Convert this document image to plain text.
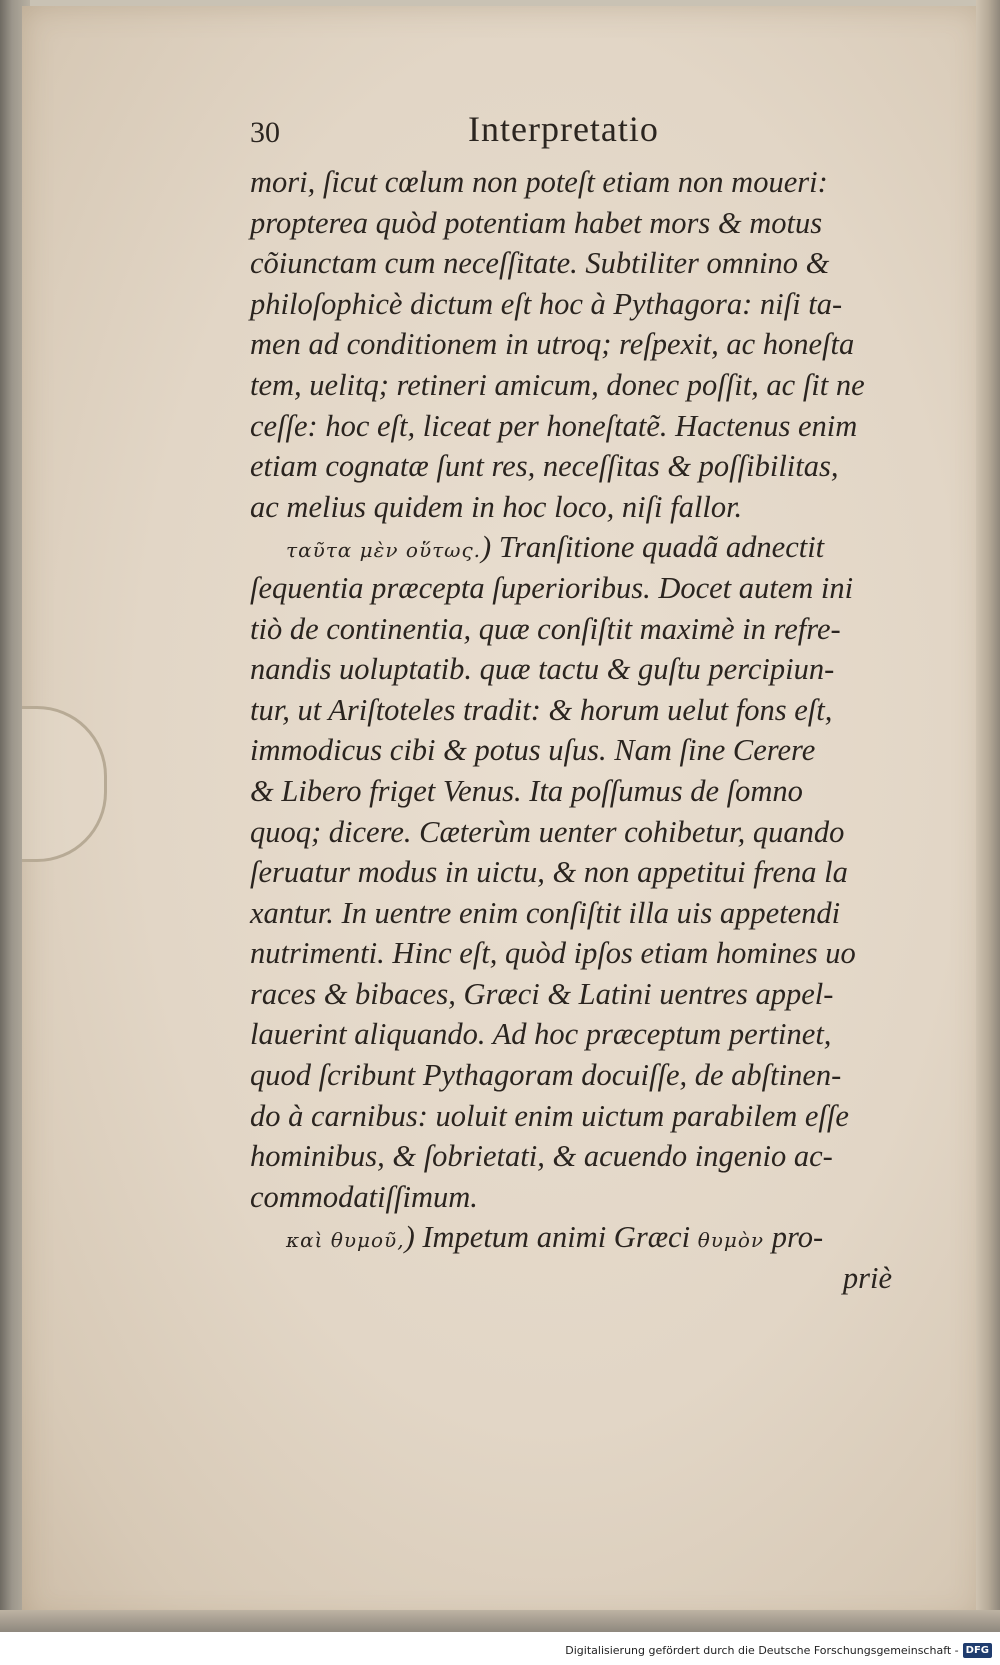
30	Interpretatio
mori, ſicut cœlum non poteſt etiam non moueri:
propterea quòd potentiam habet mors & motus
cõiunctam cum neceſſitate. Subtiliter omnino &
philoſophicè dictum eſt hoc à Pythagora: niſi ta-
men ad conditionem in utroq; reſpexit, ac honeſta
tem, uelitq; retineri amicum, donec poſſit, ac ſit ne
ceſſe: hoc eſt, liceat per honeſtatẽ. Hactenus enim
etiam cognatæ ſunt res, neceſſitas & poſſibilitas,
ac melius quidem in hoc loco, niſi fallor.
ταῦτα μὲν οὕτως.) Tranſitione quadã adnectit
ſequentia præcepta ſuperioribus. Docet autem ini
tiò de continentia, quæ conſiſtit maximè in refre-
nandis uoluptatib. quæ tactu & guſtu percipiun-
tur, ut Ariſtoteles tradit: & horum uelut fons eſt,
immodicus cibi & potus uſus. Nam ſine Cerere
& Libero friget Venus. Ita poſſumus de ſomno
quoq; dicere. Cæterùm uenter cohibetur, quando
ſeruatur modus in uictu, & non appetitui frena la
xantur. In uentre enim conſiſtit illa uis appetendi
nutrimenti. Hinc eſt, quòd ipſos etiam homines uo
races & bibaces, Græci & Latini uentres appel-
lauerint aliquando. Ad hoc præceptum pertinet,
quod ſcribunt Pythagoram docuiſſe, de abſtinen-
do à carnibus: uoluit enim uictum parabilem eſſe
hominibus, & ſobrietati, & acuendo ingenio ac-
commodatiſſimum.
καὶ θυμοῦ,) Impetum animi Græci θυμὸν pro-
priè
Digitalisierung gefördert durch die Deutsche Forschungsgemeinschaft - DFG
